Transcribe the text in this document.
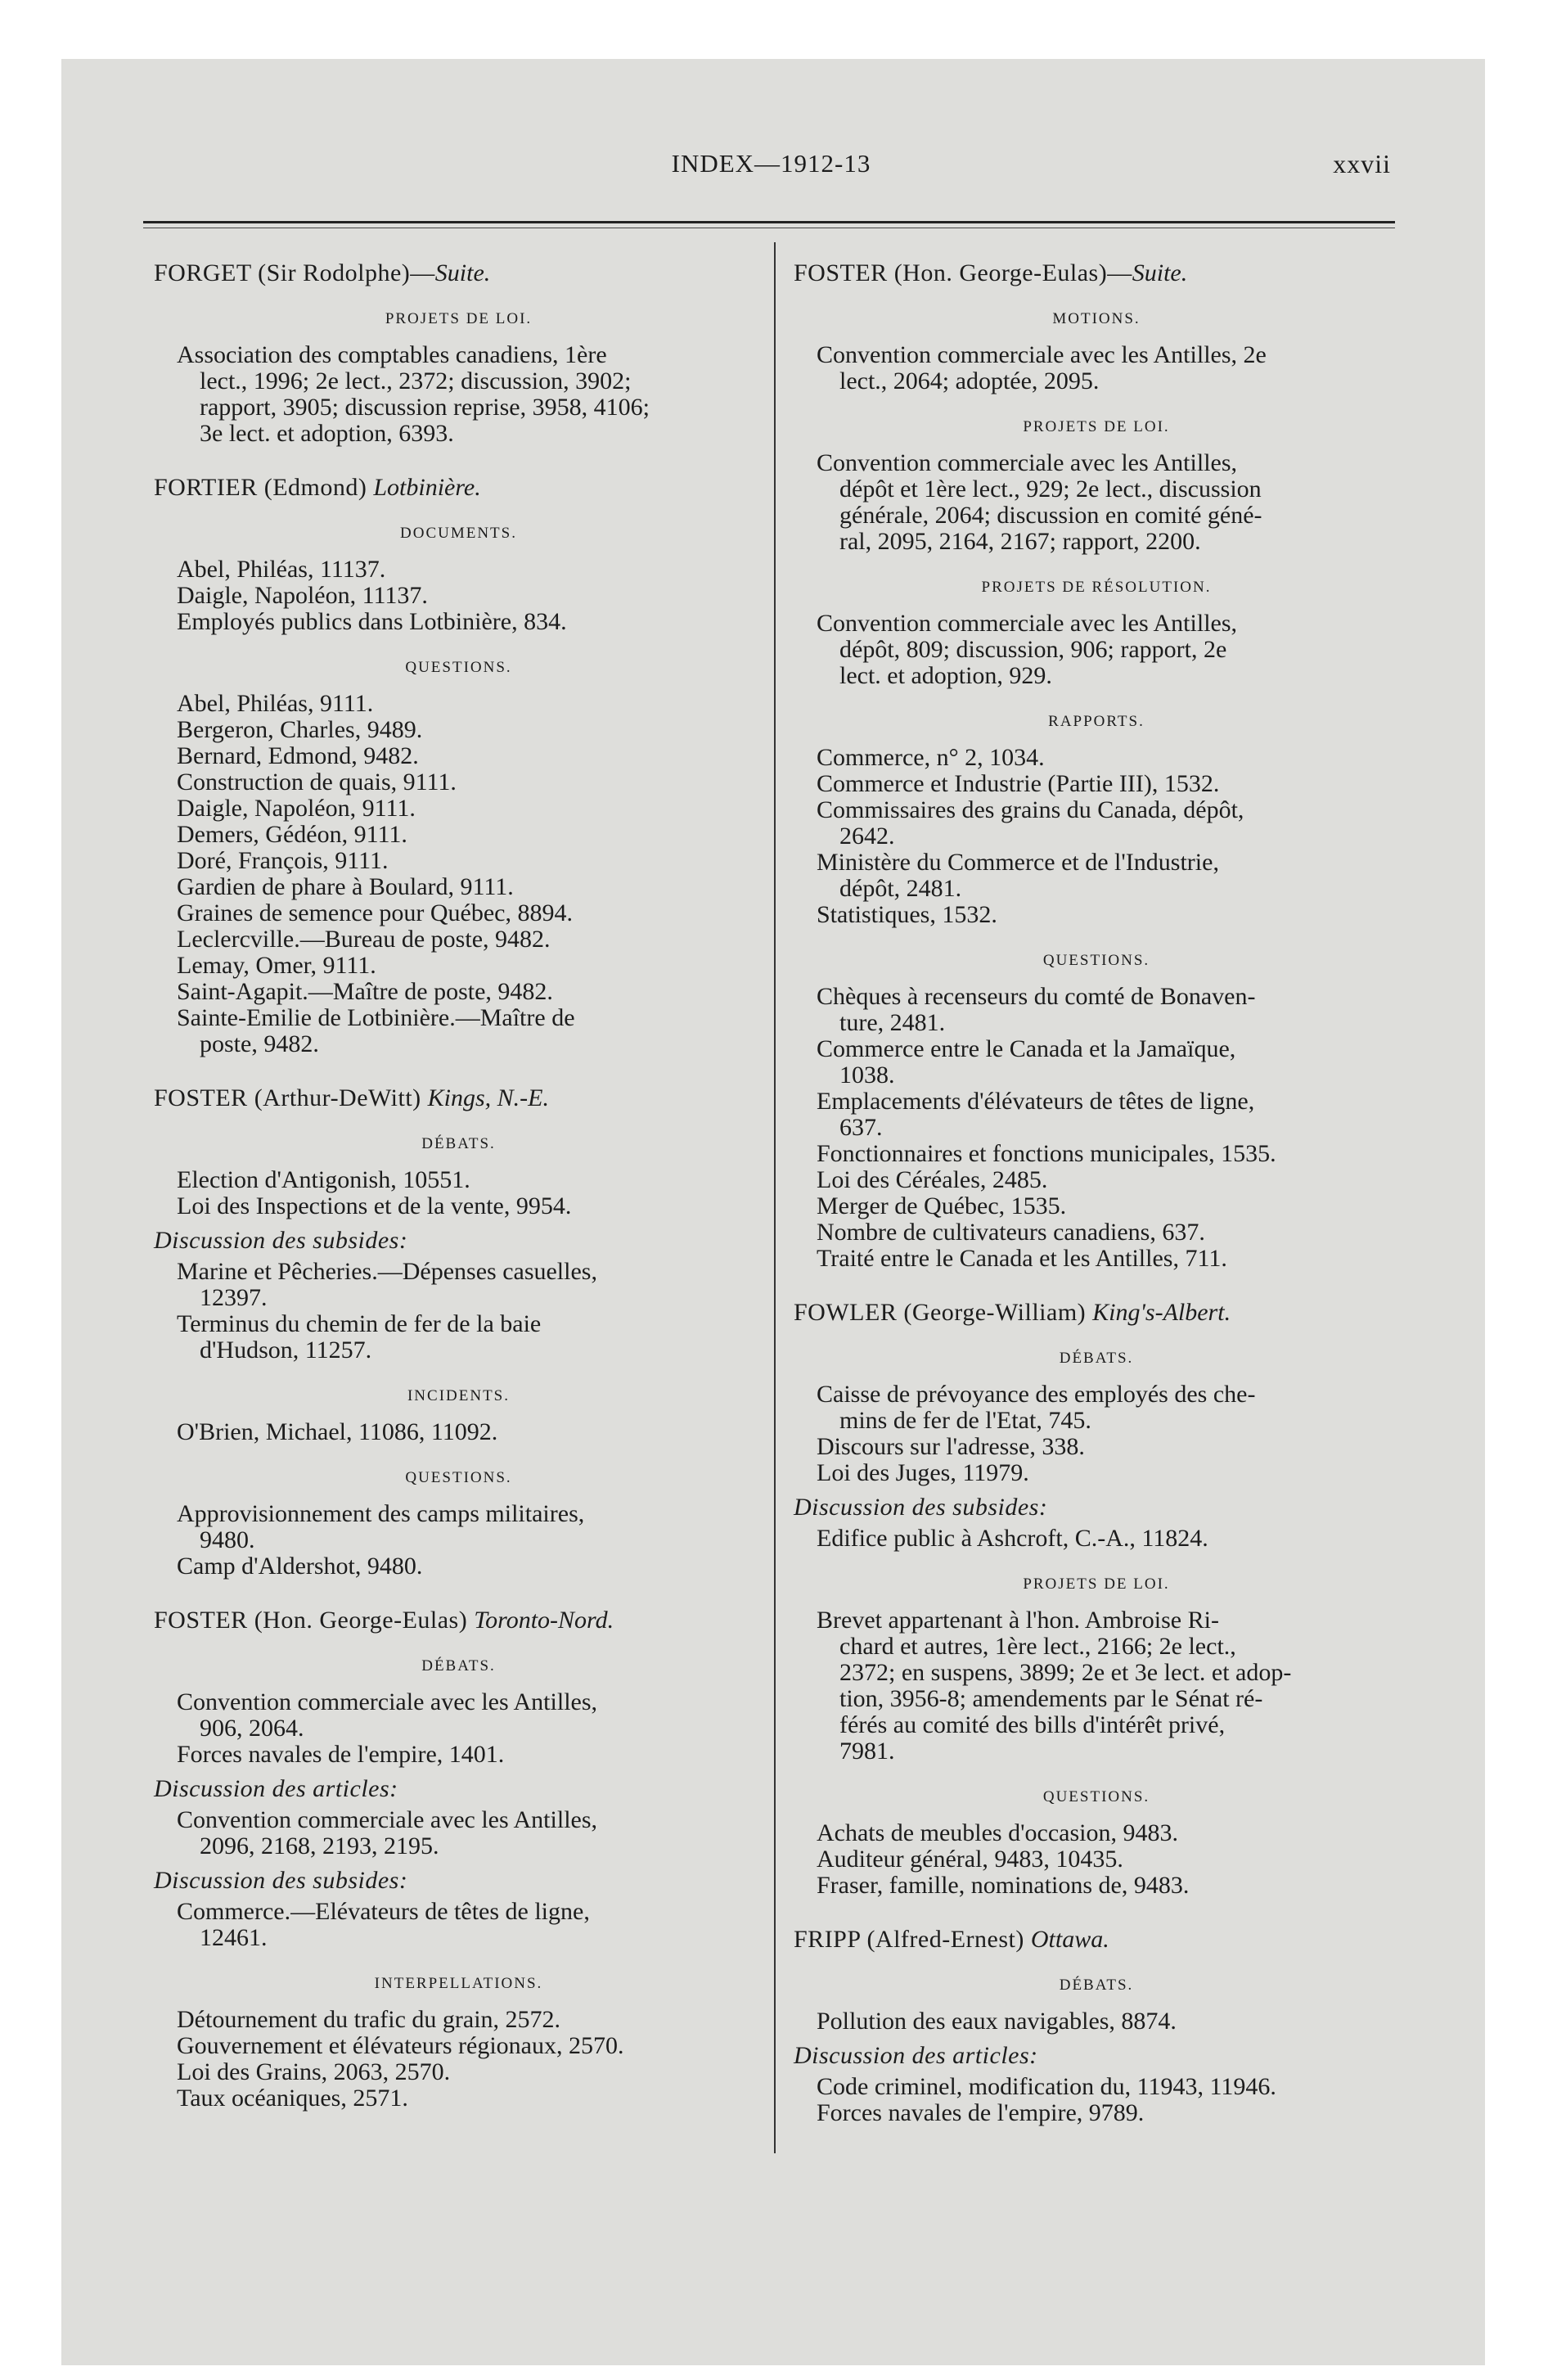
INDEX—1912-13	xxvii
FORGET (Sir Rodolphe)—Suite.
PROJETS DE LOI.
Association des comptables canadiens, 1ère
lect., 1996; 2e lect., 2372; discussion, 3902;
rapport, 3905; discussion reprise, 3958, 4106;
3e lect. et adoption, 6393.
FORTIER (Edmond) Lotbinière.
DOCUMENTS.
Abel, Philéas, 11137.
Daigle, Napoléon, 11137.
Employés publics dans Lotbinière, 834.
QUESTIONS.
Abel, Philéas, 9111.
Bergeron, Charles, 9489.
Bernard, Edmond, 9482.
Construction de quais, 9111.
Daigle, Napoléon, 9111.
Demers, Gédéon, 9111.
Doré, François, 9111.
Gardien de phare à Boulard, 9111.
Graines de semence pour Québec, 8894.
Leclercville.—Bureau de poste, 9482.
Lemay, Omer, 9111.
Saint-Agapit.—Maître de poste, 9482.
Sainte-Emilie de Lotbinière.—Maître de
poste, 9482.
FOSTER (Arthur-DeWitt) Kings, N.-E.
DÉBATS.
Election d'Antigonish, 10551.
Loi des Inspections et de la vente, 9954.
Discussion des subsides:
Marine et Pêcheries.—Dépenses casuelles,
12397.
Terminus du chemin de fer de la baie
d'Hudson, 11257.
INCIDENTS.
O'Brien, Michael, 11086, 11092.
QUESTIONS.
Approvisionnement des camps militaires,
9480.
Camp d'Aldershot, 9480.
FOSTER (Hon. George-Eulas) Toronto-Nord.
DÉBATS.
Convention commerciale avec les Antilles,
906, 2064.
Forces navales de l'empire, 1401.
Discussion des articles:
Convention commerciale avec les Antilles,
2096, 2168, 2193, 2195.
Discussion des subsides:
Commerce.—Elévateurs de têtes de ligne,
12461.
INTERPELLATIONS.
Détournement du trafic du grain, 2572.
Gouvernement et élévateurs régionaux, 2570.
Loi des Grains, 2063, 2570.
Taux océaniques, 2571.
FOSTER (Hon. George-Eulas)—Suite.
MOTIONS.
Convention commerciale avec les Antilles, 2e
lect., 2064; adoptée, 2095.
PROJETS DE LOI.
Convention commerciale avec les Antilles,
dépôt et 1ère lect., 929; 2e lect., discussion
générale, 2064; discussion en comité géné-
ral, 2095, 2164, 2167; rapport, 2200.
PROJETS DE RÉSOLUTION.
Convention commerciale avec les Antilles,
dépôt, 809; discussion, 906; rapport, 2e
lect. et adoption, 929.
RAPPORTS.
Commerce, n° 2, 1034.
Commerce et Industrie (Partie III), 1532.
Commissaires des grains du Canada, dépôt,
2642.
Ministère du Commerce et de l'Industrie,
dépôt, 2481.
Statistiques, 1532.
QUESTIONS.
Chèques à recenseurs du comté de Bonaven-
ture, 2481.
Commerce entre le Canada et la Jamaïque,
1038.
Emplacements d'élévateurs de têtes de ligne,
637.
Fonctionnaires et fonctions municipales, 1535.
Loi des Céréales, 2485.
Merger de Québec, 1535.
Nombre de cultivateurs canadiens, 637.
Traité entre le Canada et les Antilles, 711.
FOWLER (George-William) King's-Albert.
DÉBATS.
Caisse de prévoyance des employés des che-
mins de fer de l'Etat, 745.
Discours sur l'adresse, 338.
Loi des Juges, 11979.
Discussion des subsides:
Edifice public à Ashcroft, C.-A., 11824.
PROJETS DE LOI.
Brevet appartenant à l'hon. Ambroise Ri-
chard et autres, 1ère lect., 2166; 2e lect.,
2372; en suspens, 3899; 2e et 3e lect. et adop-
tion, 3956-8; amendements par le Sénat ré-
férés au comité des bills d'intérêt privé,
7981.
QUESTIONS.
Achats de meubles d'occasion, 9483.
Auditeur général, 9483, 10435.
Fraser, famille, nominations de, 9483.
FRIPP (Alfred-Ernest) Ottawa.
DÉBATS.
Pollution des eaux navigables, 8874.
Discussion des articles:
Code criminel, modification du, 11943, 11946.
Forces navales de l'empire, 9789.
